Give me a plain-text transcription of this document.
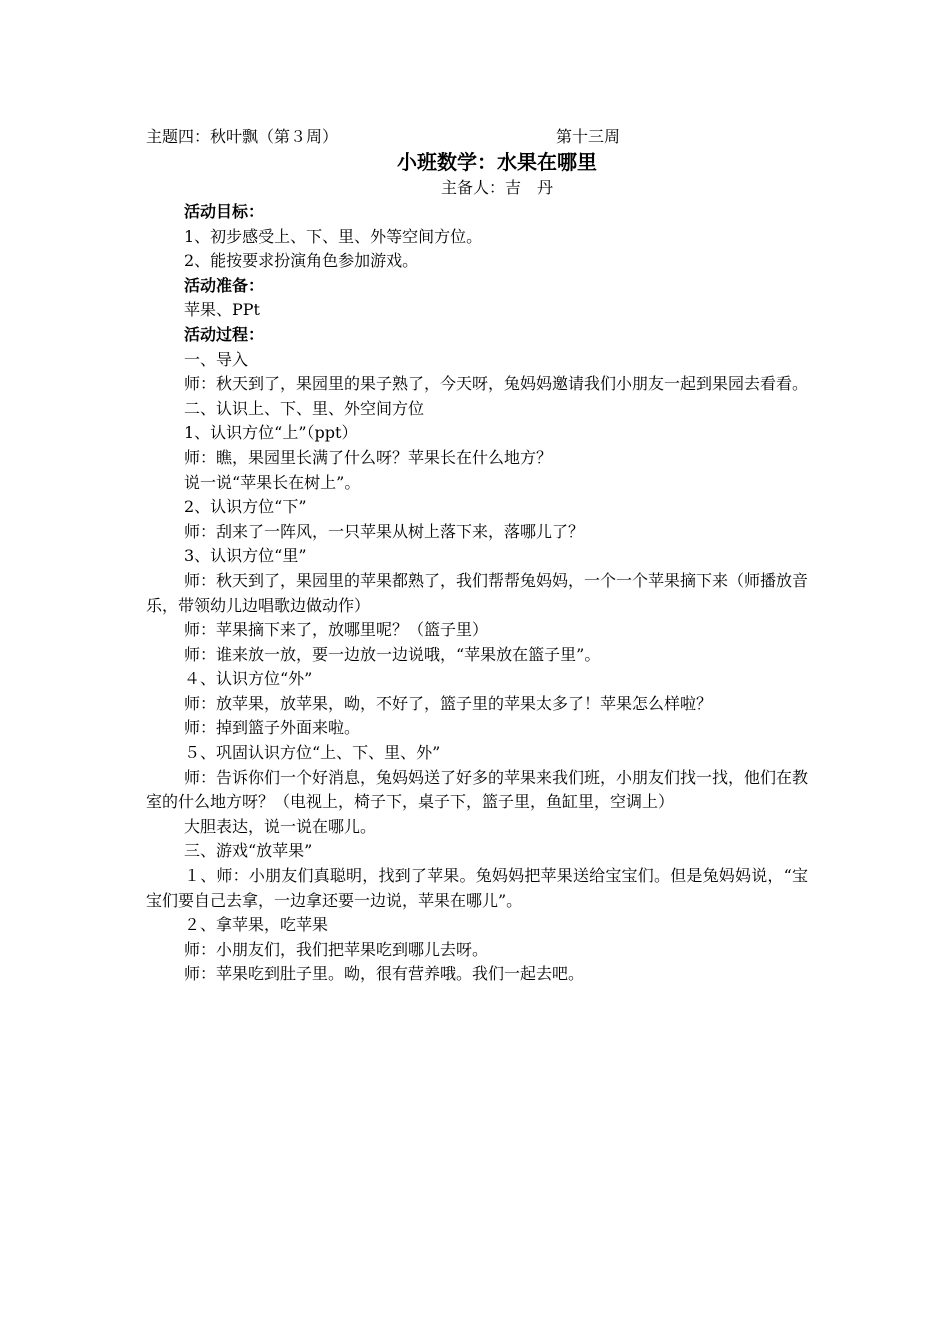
主题四：秋叶飘（第３周）	第十三周
小班数学：水果在哪里
主备人：吉　丹
活动目标：
1、初步感受上、下、里、外等空间方位。
2、能按要求扮演角色参加游戏。
活动准备：
苹果、PPt
活动过程：
一、导入
师：秋天到了，果园里的果子熟了，今天呀，兔妈妈邀请我们小朋友一起到果园去看看。
二、认识上、下、里、外空间方位
1、认识方位“上”（ppt）
师：瞧，果园里长满了什么呀？苹果长在什么地方？
说一说“苹果长在树上”。
2、认识方位“下”
师：刮来了一阵风，一只苹果从树上落下来，落哪儿了？
3、认识方位“里”
师：秋天到了，果园里的苹果都熟了，我们帮帮兔妈妈，一个一个苹果摘下来（师播放音乐，带领幼儿边唱歌边做动作）
师：苹果摘下来了，放哪里呢？（篮子里）
师：谁来放一放，要一边放一边说哦，“苹果放在篮子里”。
４、认识方位“外”
师：放苹果，放苹果，呦，不好了，篮子里的苹果太多了！苹果怎么样啦？
师：掉到篮子外面来啦。
５、巩固认识方位“上、下、里、外”
师：告诉你们一个好消息，兔妈妈送了好多的苹果来我们班，小朋友们找一找，他们在教室的什么地方呀？（电视上，椅子下，桌子下，篮子里，鱼缸里，空调上）
大胆表达，说一说在哪儿。
三、游戏“放苹果”
１、师：小朋友们真聪明，找到了苹果。兔妈妈把苹果送给宝宝们。但是兔妈妈说，“宝宝们要自己去拿，一边拿还要一边说，苹果在哪儿”。
２、拿苹果，吃苹果
师：小朋友们，我们把苹果吃到哪儿去呀。
师：苹果吃到肚子里。呦，很有营养哦。我们一起去吧。
